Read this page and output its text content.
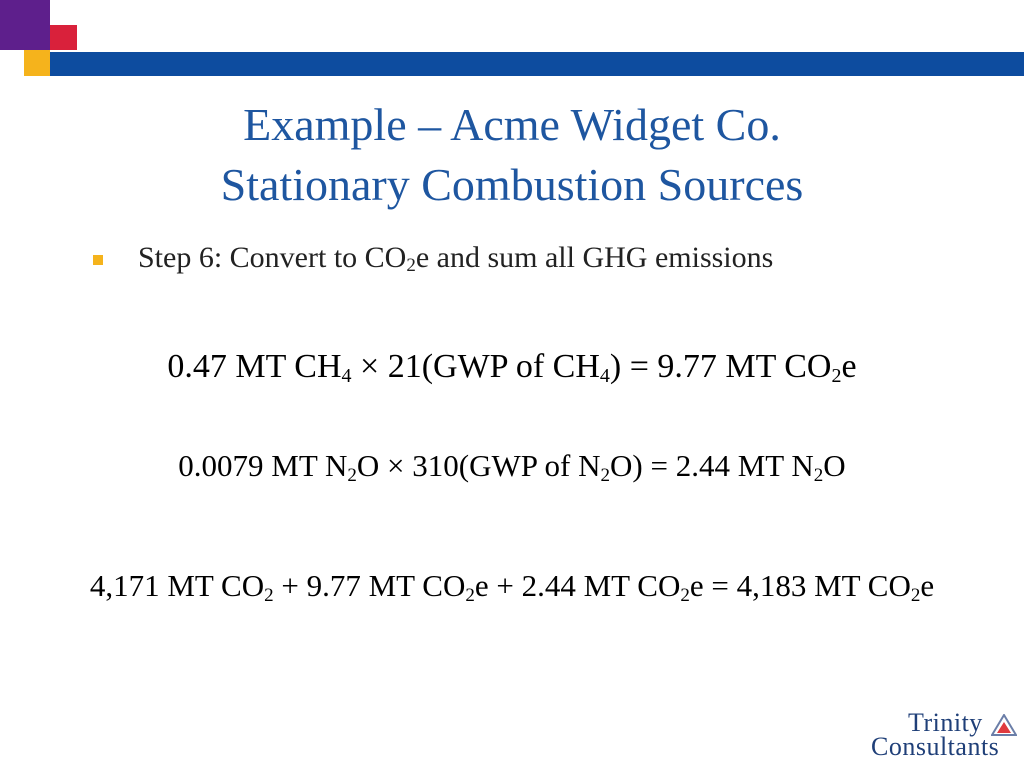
Example – Acme Widget Co.
Stationary Combustion Sources
Step 6: Convert to $CO_2e$ and sum all GHG emissions
0.47 MT $CH_4 \times 21(GWP$ of $CH_4) = 9.77$ MT $CO_2e$
0.0079 MT $N_2O \times 310(GWP$ of $N_2O) = 2.44$ MT $N_2O$
4,171 MT $CO_2 + 9.77$ MT $CO_2e + 2.44$ MT $CO_2e = 4,183$ MT $CO_2e$
Trinity
Consultants
